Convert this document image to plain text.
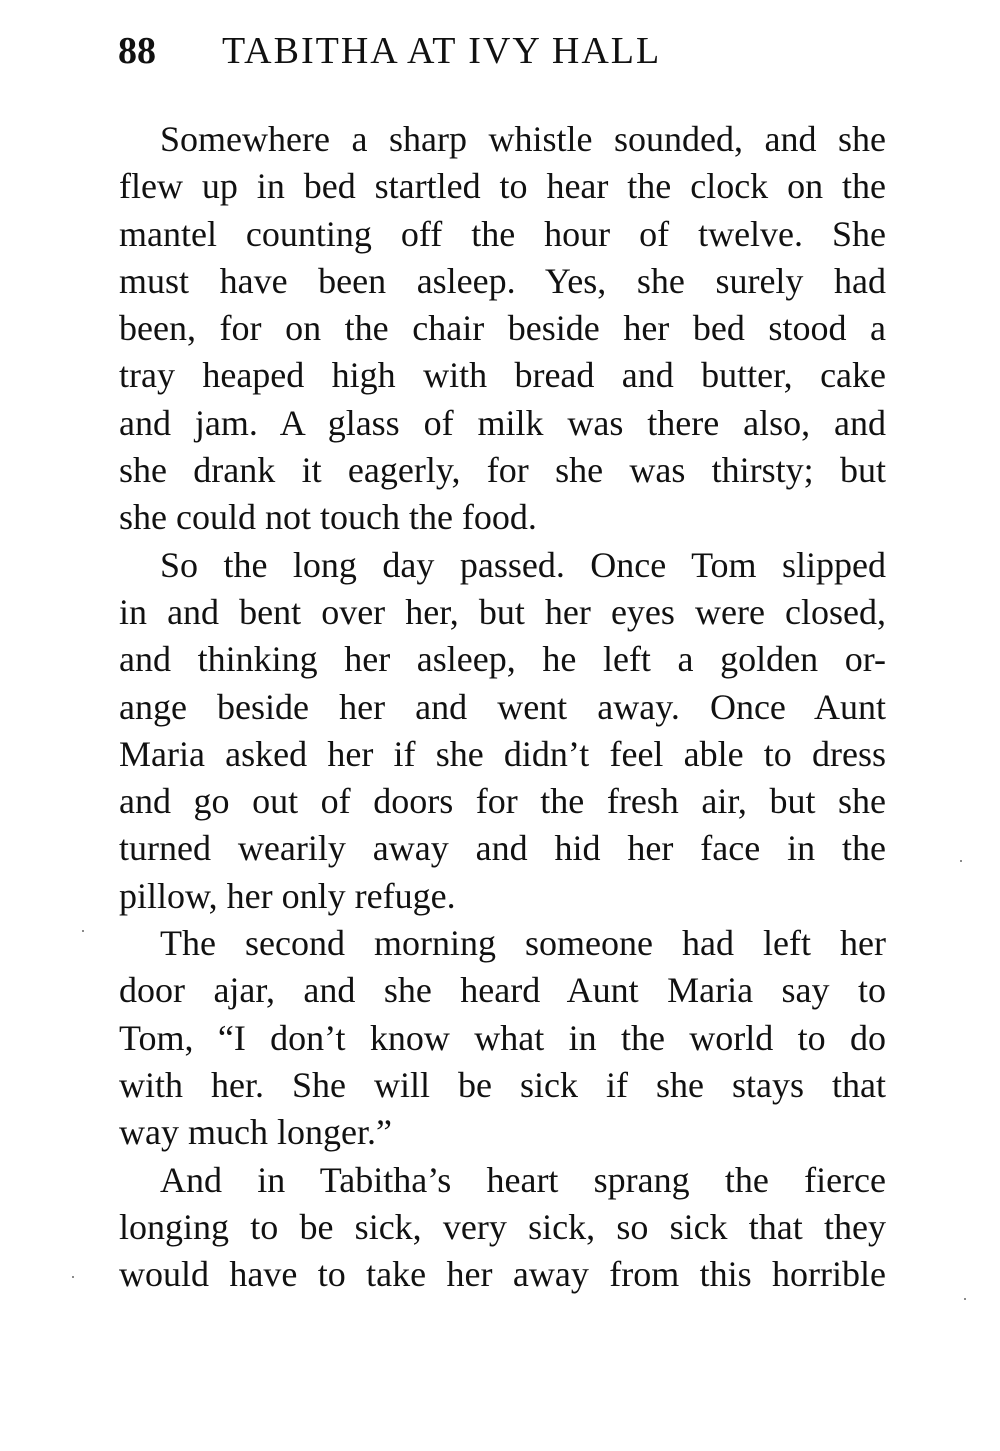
88 TABITHA AT IVY HALL
Somewhere a sharp whistle sounded, and she
flew up in bed startled to hear the clock on the
mantel counting off the hour of twelve. She
must have been asleep. Yes, she surely had
been, for on the chair beside her bed stood a
tray heaped high with bread and butter, cake
and jam. A glass of milk was there also, and
she drank it eagerly, for she was thirsty; but
she could not touch the food.
So the long day passed. Once Tom slipped
in and bent over her, but her eyes were closed,
and thinking her asleep, he left a golden or-
ange beside her and went away. Once Aunt
Maria asked her if she didn’t feel able to dress
and go out of doors for the fresh air, but she
turned wearily away and hid her face in the
pillow, her only refuge.
The second morning someone had left her
door ajar, and she heard Aunt Maria say to
Tom, “I don’t know what in the world to do
with her. She will be sick if she stays that
way much longer.”
And in Tabitha’s heart sprang the fierce
longing to be sick, very sick, so sick that they
would have to take her away from this horrible
